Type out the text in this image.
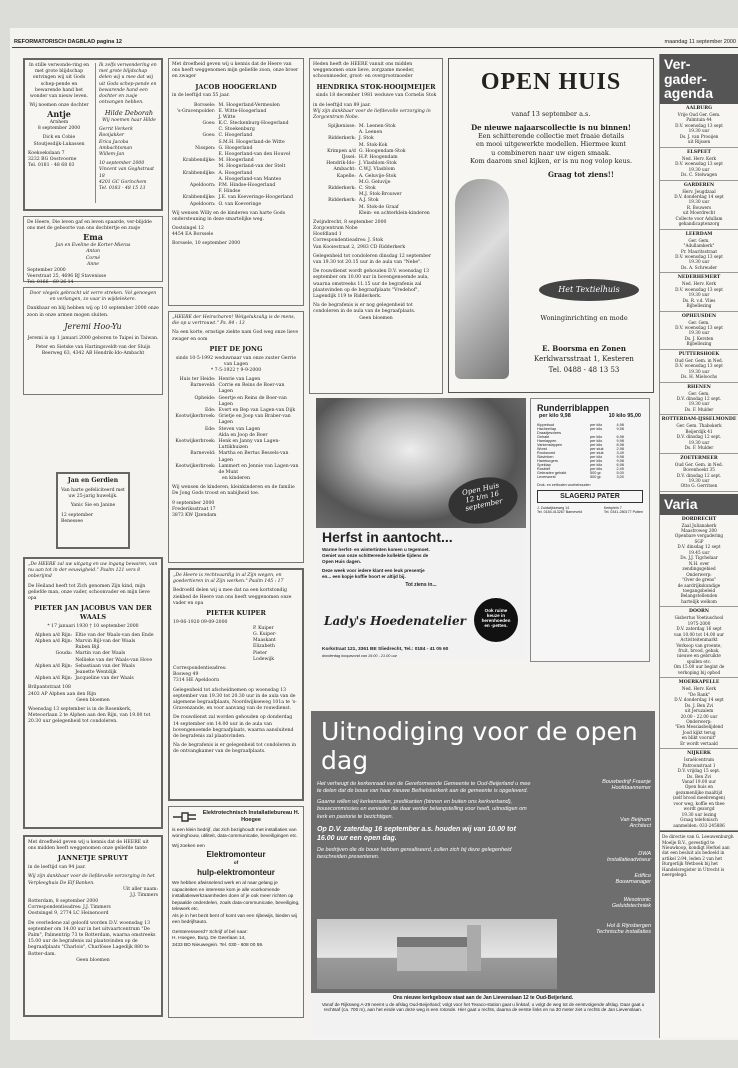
REFORMATORISCH DAGBLAD pagina 12	maandag 11 september 2000
In stille verwonde-ring en met grote blijdschap ontvingen wij uit Gods schep-pende en bewarende hand het wonder van nieuw leven.
Wij noemen onze dochter
Antje
Arnhem
8 september 2000
Dick en Cobie Stoutjesdijk-Lukassen
Koekoekslaan 7
3232 BG Oostvoorne
Tel. 0181 - 48 68 03
Ik zelfs verwondering en met grote blijdschap delen wij u mee dat wij uit Gods schep-pende en bewarende hand een dochter en zusje ontvangen hebben.
Hilde Deborah
Wij noemen haar Hilde
Gerrit Verkerk Rooijakker
Erica Jacoba Ambachtsman
Willem-Jan
10 september 2000
Vincent van Goghstraat 18
4201 GC Gorinchem
Tel. 0183 - 48 15 13
De Heere, Die leven gaf en leven spaarde, ver-blijdde ons met de geboorte van ons dochtertje en zusje
Ema
Jan en Eveline de Korter-Mieras
Antan
Corné
Anne
September 2000
Veerstraat 25, 4696 BJ Stavenisse
Tel. 0166 - 69 26 14
Door vlegels gebracht uit verre streken. Vol genoegen en verlangen, zo vaar in wijdelekere.
Dankbaar en blij hebben wij op 10 september 2000 onze zoon in onze armen mogen sluiten.
Jeremi Hoo-Yu
Jeremi is op 1 januari 2000 geboren te Taipei in Taiwan.
Peter en Sietske van Hartingsveldt-van der Sluijs
Beerweg 63, 4342 AB Hendrik-Ido-Ambacht
Jan en Gerdien
Van harte gefeliciteerd met uw 25-jarig huwelijk.
Yanic Sie en Janine
12 september
Benessee
„De HEERE zal uw uitgang en uw ingang bewaren, van nu aan tot in der eeuwigheid." Psalm 121 vers 8 onberijmd
De Heiland heeft tot Zich genomen Zijn kind, mijn geliefde man, onze vader, schoonvader en mijn lieve opa
PIETER JAN JACOBUS VAN DER WAALS
* 17 januari 1930 † 10 september 2000
Alphen a/d Rijn: Eltie van der Waals-van den Ende
Alphen a/d Rijn: Marvin Bijl-van der Waals
Ruben Bijl
Gouda: Martin van der Waals
Nellieke van der Waals-van Hove
Alphen a/d Rijn: Sebastiaan van der Waals
Jeanette Wentdijk
Alphen a/d Rijn: Jacqueline van der Waals
Brilpantstraat 108
2403 AP Alphen aan den Rijn
Geen bloemen
Woensdag 13 september is in de Rosenkerk, Meteoorlaan 2 te Alphen aan den Rijn, van 19.00 tot 20.30 uur gelegenheid tot condoleren.
Met droefheid geven wij u kennis dat de HEERE uit ons midden heeft weggenomen onze geliefde tante
JANNETJE SPRUYT
in de leeftijd van 94 jaar.
Wij zijn dankbaar voor de liefdevolle verzorging in het Verpleeghuis De Elf Banken.
Uit aller naam:
J.J. Timmers
Rotterdam, 8 september 2000
Correspondentieadres: J.J. Timmers
Oostsingel 9, 2774 LC Heinenoord
De overledene zal geloofd worden D.V. woensdag 13 september om 14.00 uur in het uitvaartcentrum "De Palm", Palmentrip 73 te Rotterdam, waarna omstreeks 15.00 uur de begrafenis zal plaatsvinden op de begraafplaats "Charlois", Charlösse Lagedijk 880 te Rotter-dam.
Geen bloemen
Met droefheid geven wij u kennis dat de Heere van ons heeft weggenomen mijn geliefde zoon, onze broer en zwager
JACOB HOOGERLAND
in de leeftijd van 55 jaar.
Borssele: M. Hoogerland-Vermeulen
's-Gravenpolder: E. Witte-Hoogerland
J. Witte
Goes: K.C. Steckenburg-Hoogerland
C. Stoekenburg
Goes: C. Hoogerland
S.M.H. Hoogerland-de Witte
Nisspen: G. Hoogerland
E. Hoogerland-van den Houvel
Krabbendijke: M. Hoogerland
M. Hoogerland-van der Stelt
Krabbendijke: A. Hoogerland
A. Hoogerland-van Manteo
Apeldoorn: P.M. Hindse-Hoogerland
F. Hindse
Krabbendijke: J.E. van Koeveringe-Hoogerland
Apeldoorn: O. van Koeveringe
Wij wensen Willy en de kinderen van harte Gods ondersteuning in deze smartelijke weg.
Oostsingel 12
4454 EA Borssele
Borssele, 10 september 2000
„HEERE der Heirscharen! Welgelukzalig is de mens, die op u vertrouwt." Ps. 84 : 13
Na een korte, ernstige ziekte nam God weg onze lieve zwager en oom
PIET DE JONG
sinds 10-5-1992 weduwnaar van onze zuster Gerrie van Lagen
* 7-5-1922 † 9-9-2000
Huis ter Heide: Henrie van Lagen
Barneveld: Corrie en Reins de Boer-van Lagen
Opheide: Geertje en Reins de Boer-van Lagen
Ede: Evert en Bep van Lagen-van Dijk
Kootwijkerbroek: Grietje en Joop van Braber-van Lagen
Ede: Steven van Lagen
Alda en Joop de Boer
Kootwijkerbroek: Henk en Janny van Lagen-Luttikhuizen
Barneveld: Martha en Bertus Bessels-van Lagen
Kootwijkerbroek: Lammert en Jennie van Lagen-van de Munt
en kinderen
Wij wensen de kinderen, kleinkinderen en de familie De Jong Gods troost en nabijheid toe.
9 september 2000
Frederiksstraat 17
3873 KW IJzendam
„De Heere is rechtvaardig in al Zijn wegen, en goedertieren in al Zijn werken." Psalm 145 : 17
Bedroefd delen wij u mee dat na een kortstondig ziekbed de Heere van ons heeft weggenomen onze vader en opa
PIETER KUIPER
19-06-1920 09-09-2000
P. Kuiper
G. Kuiper-Maaskant
Elizabeth
Pieter
Lodewijk
Correspondentieadres:
Bosweg 49
7314 HE Apeldoorn
Gelegenheid tot afscheidnemen op woensdag 13 september van 19.30 tot 20.30 uur in de aula van de algemene begraafplaats, Noordwijkseweg 101a te 's-Gravenzande, en voor aanvang van de rouwdienst.
De rouwdienst zal worden gehouden op donderdag 14 september om 14.00 uur in de aula van bovengenoemde begraafplaats, waarna aansluitend de begrafenis zal plaatsvinden.
Na de begrafenis is er gelegenheid tot condoleren in de ontvangkamer van de begraafplaats.
Elektrotechnisch Installatiebureau H. Hoegee
is een klein bedrijf, dat zich bezighoudt met installaties van woninghouw, utiliteit, data-communicatie, beveiligingen etc.
Wij zoeken een
Elektromonteur
of
hulp-elektromonteur
We hebben afwisselend werk en al naar gelang je capaciteiten en interesse kom je alle voorkomende installatiewerkzaamheden doen of je ook meer richten op bepaalde onderdelen, zoals data-communicatie, beveiliging, telewerk etc.
Als je in het bezit bent of komt van een rijbewijs, bieden wij een bedrijfsauto.
Geïnteresseerd? Schrijf of bel naar:
H. Hoegee, Burg. De Geerlaan 14,
3433 BD Nieuwegein. Tel. 030 - 608 00 59.
Heden heeft de HEERE vanuit ons midden weggenomen onze lieve, zorgzame moeder, schoonmoeder, groot- en overgrootmoeder
HENDRIKA STOK-HOOIJMEIJER
sinds 18 december 1981 weduwe van Cornelis Stok
in de leeftijd van 89 jaar.
Wij zijn dankbaar voor de liefdevolle verzorging in Zorgcentrum Nobe.
Spijkenisse: M. Leenen-Stok
A. Leenen
Ridderkerk: J. Stok
M. Stok-Kok
Krimpen a/d IJssel:
G. Hoogendam-Stok
H.P. Hoogendam
Hendrik-Ido-Ambacht:
J. Vlasblom-Stok
C.W.J. Vlasblom
Kapelle: A. Geluvije-Stok
M.G. Geluvije
Ridderkerk: C. Stok
M.J. Stok-Brouwer
Ridderkerk: A.J. Stok
M. Stok-de Graaf
Klein- en achterklein-kinderen
Zwijndrecht, 8 september 2000
Zorgcentrum Nobe
Hoofdland 1
Correspondentieadres: J. Stok
Van Kooiestraat 2, 2983 CD Ridderkerk
Gelegenheid tot condoleren dinsdag 12 september van 19.30 tot 20.15 uur in de aula van "Nebe".
De rouwdienst wordt gehouden D.V. woensdag 13 september om 10.00 uur in bovengenoemde aula, waarna omstreeks 11.15 uur de begrafenis zal plaatsvinden op de begraafplaats "Vredehof", Lagendijk 119 te Ridderkerk.
Na de begrafenis is er nog gelegenheid tot condoleren in de aula van de begraafplaats.
Geen bloemen
OPEN HUIS
vanaf 13 september a.s.
De nieuwe najaarscollectie is nu binnen!
Een schitterende collectie met fraaie details
en mooi uitgewerkte modellen. Hiermee kunt
u combineren naar uw eigen smaak.
Kom daarom snel kijken, er is nu nog volop keus.
Graag tot ziens!!
Het Textielhuis
Woninginrichting en mode
E. Boorsma en Zonen
Kerklwarsstraat 1, Kesteren
Tel. 0488 - 48 13 53
Open Huis
12 t/m 16
september
Herfst in aantocht...
Warme herfst- en wintertinten komen u tegemoet.
Geniet van onze schitterende kollektie tijdens de
Open Huis dagen.
Deze week voor iedere klant een leuk presentje
en... een kopje koffie hoort er altijd bij.
Tot ziens in...
Ook ruime keuze in herenhoeden en -petten.
Lady's Hoedenatelier
Korkstraat 121, 3361 BE Sliedrecht, Tel.: 0184 - 41 05 60
donderdag koopavond van 19.00 - 21.00 uur
Runderriblappen
per kilo 9,98	10 kilo 95,00
Kippebout	per kilo	4,98
Hachee/lap	per kilo	9,98
Draadjesvlees
Gehakt	per kilo	6,98
Hamlappen	per kilo	9,98
Varkenslappen	per kilo	8,98
Worst	per stuk	2,98
Rookworst	per stuk	3,49
Slavinken	per kilo	9,98
Hamburgers	per kilo	9,98
Speklap	per kilo	6,98
Rosbief	per kilo	2,49
Gebraden gehakt	500 gr.	5,00
Leverworst	500 gr.	3,00
Druk- en zetfouten voorbehouden
SLAGERIJ PATER
J. Zuidwijkseweg 14
Tel. 0184-413267 Barneveld
Kerkplein 7
Tel. 0341-280177 Putten
Uitnodiging voor de open dag
Het verheugt de kerkenraad van de Gereformeerde Gemeente te Oud-Beijerland u mee te delen dat de bouw van haar nieuwe Bethelskerkerk aan de gemeente is opgeleverd.
Gaarne willen wij kerkenraden, predikanten (binnen en buiten ons kerkverband), bouwcommissies en eenieder die daar verder belangstelling voor heeft, uitnodigen om kerk en pastorie te bezichtigen.
Op D.V. zaterdag 16 september a.s. houden wij van 10.00 tot 16.00 uur een open dag.
De bedrijven die de bouw hebben gerealiseerd, zullen zich bij deze gelegenheid beschreiden presenteren.
Bouwbedrijf Fraanje
Hoofdaannemer
Van Beijnum
Architect
DWA
Installatieadviseur
Edifico
Bouwmanager
Wesotronic
Geluidstechniek
Hol & Rijnsbergen
Technische installaties
Ons nieuwe kerkgebouw staat aan de Jan Lievenslaan 12 te Oud-Beijerland.
Vanaf de Rijksweg A-29 neemt u de afslag Oud-Beijerland; volgt voor het Texaco-station gaat u linksaf, u volgt de weg tot de eerstvolgende afslag. Daar gaat u rechtsaf (ca. 700 m), aan het einde van deze weg is een rotonde. Hier gaat u rechts, daarna de eerste links en na 30 meter ziet u rechts de Jan Lievenslaan.
Ver-
gader-
agenda
AALBURG
Vrije Oud Ger. Gem.
Palmtuin 44
D.V. woensdag 13 sept
19.30 uur
Ds. J. van Prooijen
uit Rijssen
ELSPEET
Ned. Herv. Kerk
D.V. woensdag 13 sept
19.30 uur
Ds. C. Stelwagen
GARDEREN
Herv. Jeugdzaal
D.V. donderdag 14 sept
19.30 uur
R. Bouwers
uit Moordrecht
Collecte voor Adullam
gehandicaptenzorg
LEERDAM
Ger. Gem.
"Adullamkerk"
Pr. Mauritsstraat
D.V. woensdag 13 sept
19.30 uur
Ds. A. Schreuder
NEDERHEMERT
Ned. Herv. Kerk
D.V. woensdag 13 sept
19.30 uur
Ds. R. v.d. Vlies
Bijbellezing
OPHEUSDEN
Ger. Gem.
D.V. woensdag 13 sept
19.30 uur
Ds. J. Kersten
Bijbellezing
PUTTERSHOEK
Oud Ger. Gem. in Ned.
D.V. woensdag 13 sept
19.30 uur
Ds. H. Mieloochs
RHENEN
Ger. Gem.
D.V. dinsdag 12 sept.
19.30 uur
Ds. F. Mulder
ROTTERDAM-IJSSELMONDE
Ger. Gem. Thabokerk
Beijerdijk 41
D.V. dinsdag 12 sept.
19.30 uur
Ds. F. Mulder
ZOETERMEER
Oud Ger. Gem. in Ned.
Bovenhoekt 35
D.V. dinsdag 12 sept.
19.30 uur
Otto G. Gerritsen
Varia
DORDRECHT
Zaal Julianakerk
Maastroweg 200
Openbare vergadering
SGP
D.V. dinsdag 12 sept
19.45 uur
Ds. J.J. Tigchelaar
N.H. over
zendingsgebied
Onderwerp:
"Over de grens"
de aardrijkskundige
toegangsbeleid
Belangstellenden
hartelijk welkom
DOORN
Gisbertus Voetiuschool
1975-2000
D.V. zaterdag 16 sept
van 10.00 tot 14.00 uur
Activiteitenmarkt
Verkoop van groente,
fruit, brood, gebak,
nieuwe en gebruikte
spullen etc.
Om 15.00 uur begint de
verkoping bij opbod
MOERKAPELLE
Ned. Herv. Kerk
"De Rank"
D.V. donderdag 14 sept
Ds. J. Ben Zvi
uit Jeruzalem
20.00 - 22.00 uur
Onderwerp:
"Een Messiasbelijdend
Jood kijkt terug
en blikt vooruit"
Er wordt vertaald
NIJKERK
Israëlcentrum
Patroonstraat 1
D.V. vrijdag 15 sept.
Ds. Ben Zvi
Vanaf 19.00 uur
Open huis en
gezamenlijke maaltijd
(zelf brood meebrengen)
voor weg, koffie en thee
wordt gezorgd
19.30 uur lezing
Graag telefonisch
aanmelden: 033-245886
De directie van G. Leeuwenburgh Moelje B.V., gevestigd te Nieuwkoop, kondigt Herkel aan dat een besluit als bedoeld in artikel 2:94, leden 2 van het Burgerlijk Wetboek bij het Handelsregister in Utrecht is neergelegd.
